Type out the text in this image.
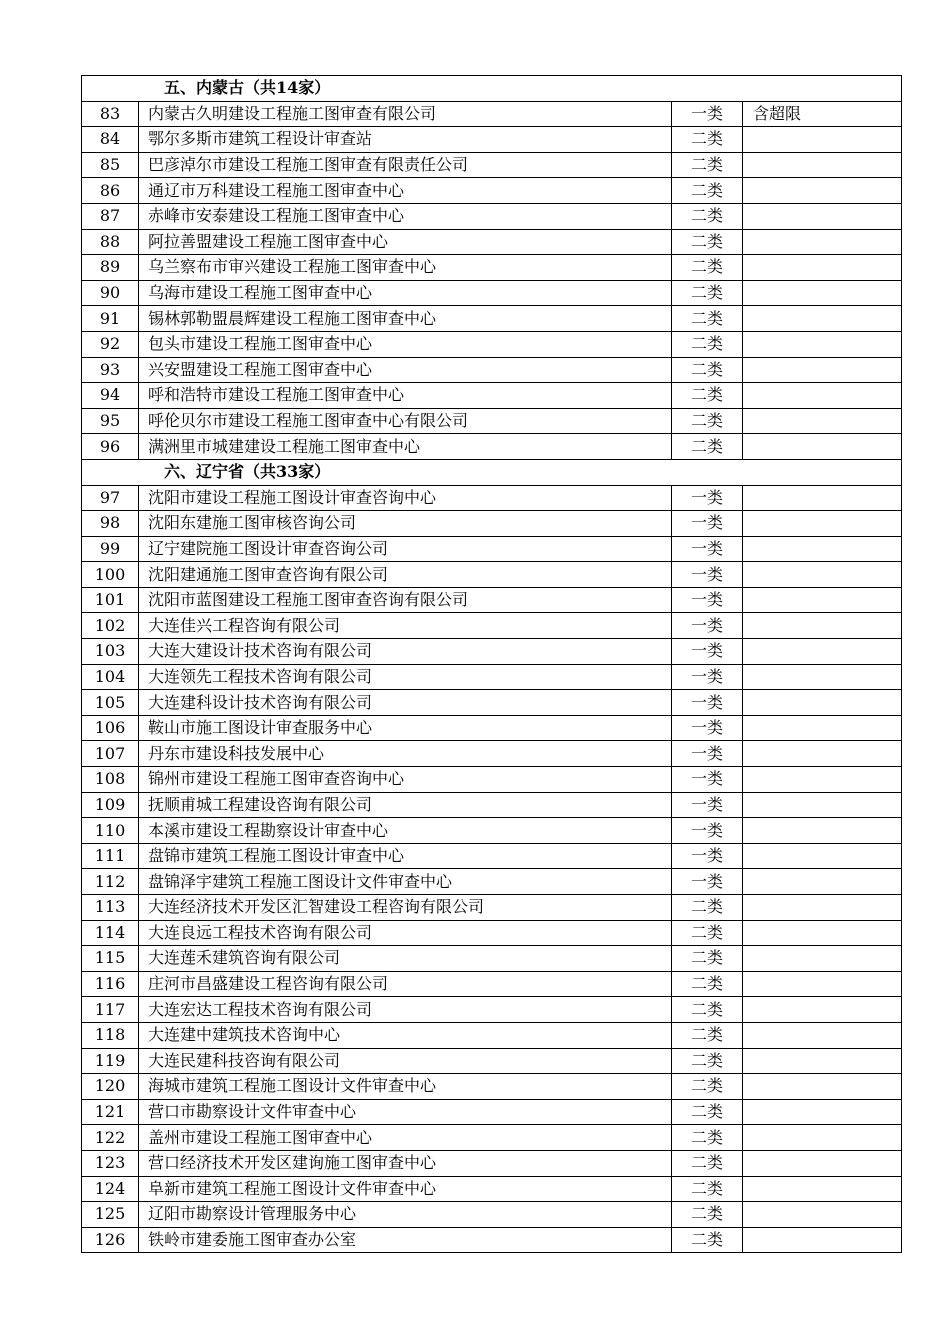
五、内蒙古（共14家）			
83	内蒙古久明建设工程施工图审查有限公司	一类	含超限
84	鄂尔多斯市建筑工程设计审查站	二类	
85	巴彦淖尔市建设工程施工图审查有限责任公司	二类	
86	通辽市万科建设工程施工图审查中心	二类	
87	赤峰市安泰建设工程施工图审查中心	二类	
88	阿拉善盟建设工程施工图审查中心	二类	
89	乌兰察布市审兴建设工程施工图审查中心	二类	
90	乌海市建设工程施工图审查中心	二类	
91	锡林郭勒盟晨辉建设工程施工图审查中心	二类	
92	包头市建设工程施工图审查中心	二类	
93	兴安盟建设工程施工图审查中心	二类	
94	呼和浩特市建设工程施工图审查中心	二类	
95	呼伦贝尔市建设工程施工图审查中心有限公司	二类	
96	满洲里市城建建设工程施工图审查中心	二类	
六、辽宁省（共33家）			
97	沈阳市建设工程施工图设计审查咨询中心	一类	
98	沈阳东建施工图审核咨询公司	一类	
99	辽宁建院施工图设计审查咨询公司	一类	
100	沈阳建通施工图审查咨询有限公司	一类	
101	沈阳市蓝图建设工程施工图审查咨询有限公司	一类	
102	大连佳兴工程咨询有限公司	一类	
103	大连大建设计技术咨询有限公司	一类	
104	大连领先工程技术咨询有限公司	一类	
105	大连建科设计技术咨询有限公司	一类	
106	鞍山市施工图设计审查服务中心	一类	
107	丹东市建设科技发展中心	一类	
108	锦州市建设工程施工图审查咨询中心	一类	
109	抚顺甫城工程建设咨询有限公司	一类	
110	本溪市建设工程勘察设计审查中心	一类	
111	盘锦市建筑工程施工图设计审查中心	一类	
112	盘锦泽宇建筑工程施工图设计文件审查中心	一类	
113	大连经济技术开发区汇智建设工程咨询有限公司	二类	
114	大连良远工程技术咨询有限公司	二类	
115	大连莲禾建筑咨询有限公司	二类	
116	庄河市昌盛建设工程咨询有限公司	二类	
117	大连宏达工程技术咨询有限公司	二类	
118	大连建中建筑技术咨询中心	二类	
119	大连民建科技咨询有限公司	二类	
120	海城市建筑工程施工图设计文件审查中心	二类	
121	营口市勘察设计文件审查中心	二类	
122	盖州市建设工程施工图审查中心	二类	
123	营口经济技术开发区建询施工图审查中心	二类	
124	阜新市建筑工程施工图设计文件审查中心	二类	
125	辽阳市勘察设计管理服务中心	二类	
126	铁岭市建委施工图审查办公室	二类	
